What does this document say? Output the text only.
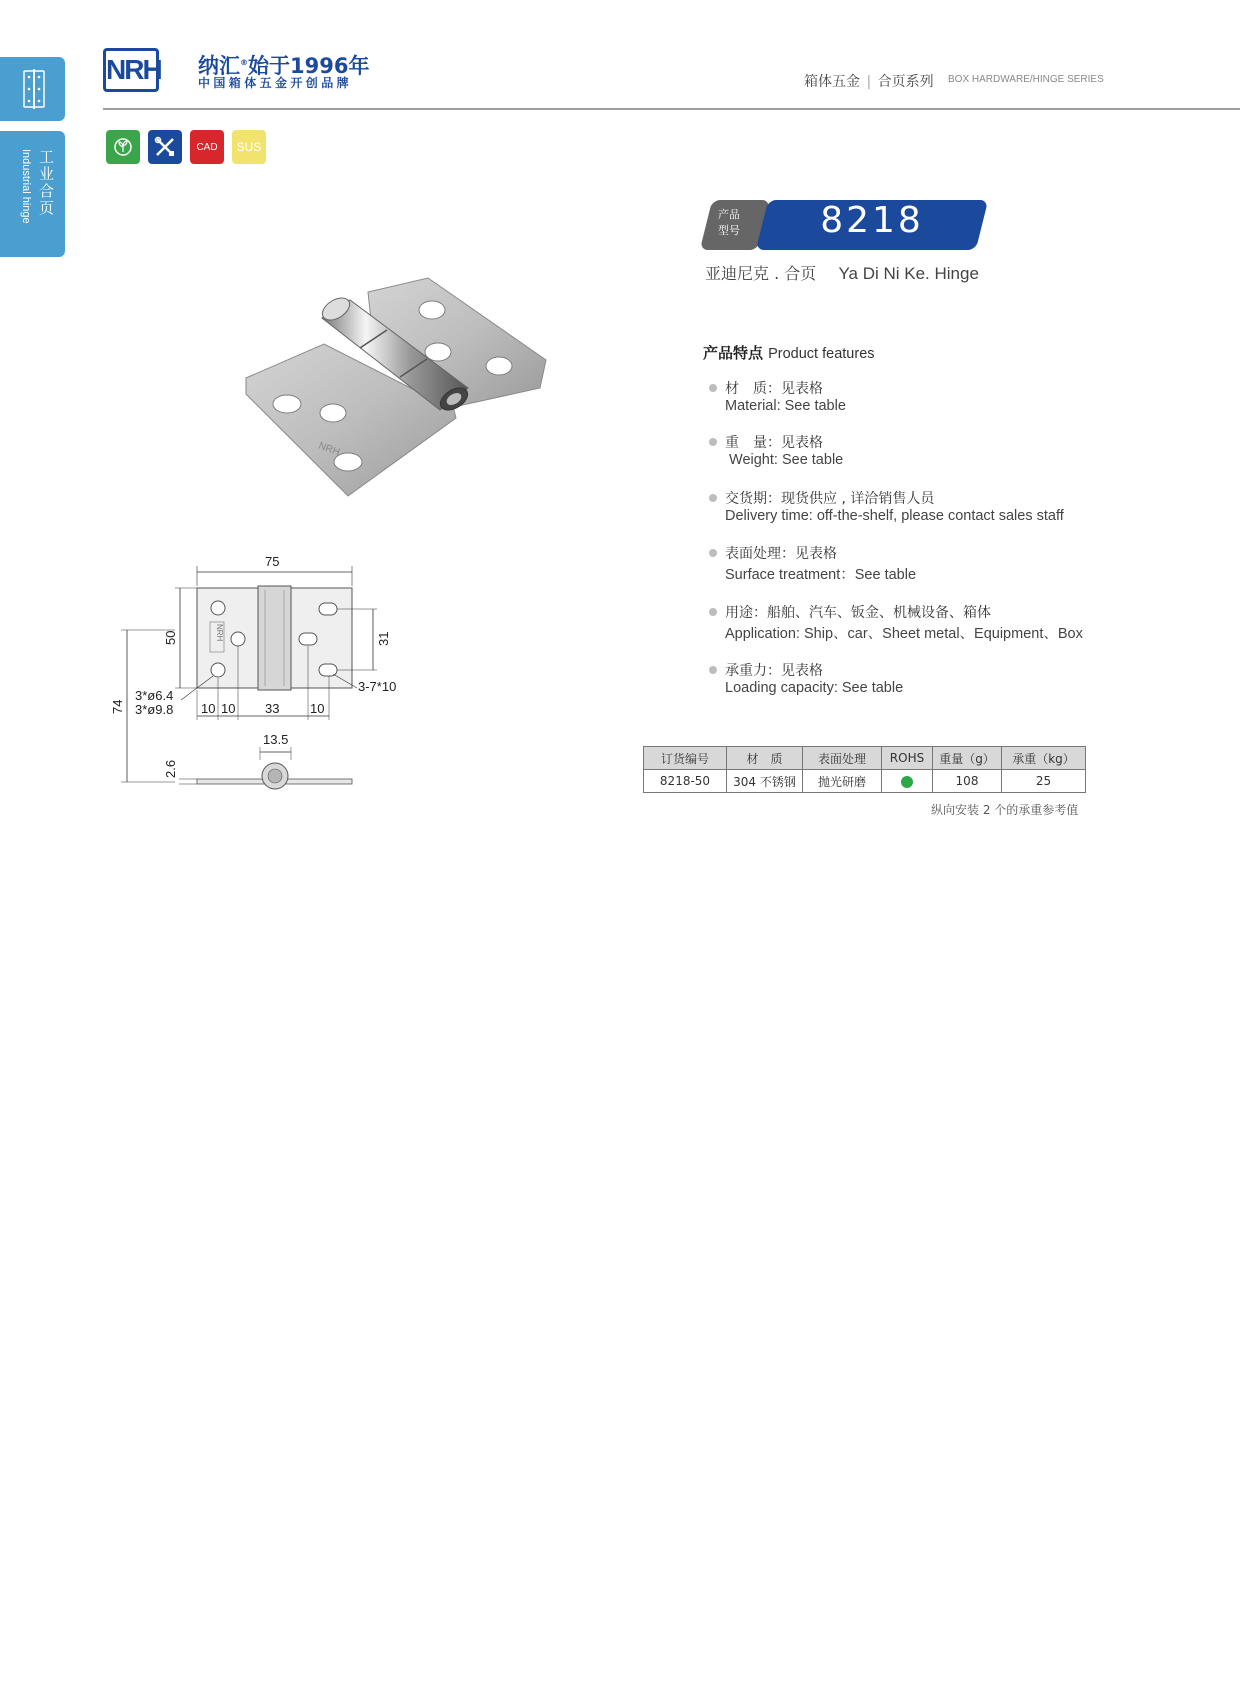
工业合页
Industrial hinge
NRH 纳汇®始于1996年
中国箱体五金开创品牌	箱体五金 | 合页系列 BOX HARDWARE/HINGE SERIES
CAD SUS
NRH
75
NRH
50
74
31
3-7*10
3*ø6.4
3*ø9.8 10 10 33 10
13.5
2.6
产品
型号	8218
亚迪尼克 . 合页 Ya Di Ni Ke. Hinge
产品特点 Product features
材　质：见表格
Material: See table
重　量：见表格
Weight: See table
交货期：现货供应 , 详洽销售人员
Delivery time: off-the-shelf, please contact sales staff
表面处理：见表格
Surface treatment：See table
用途：船舶、汽车、钣金、机械设备、箱体
Application: Ship、car、Sheet metal、Equipment、Box
承重力：见表格
Loading capacity: See table
订货编号	材　质	表面处理	ROHS	重量（g）	承重（kg）
8218-50	304 不锈钢	抛光研磨		108	25
纵向安装 2 个的承重参考值
